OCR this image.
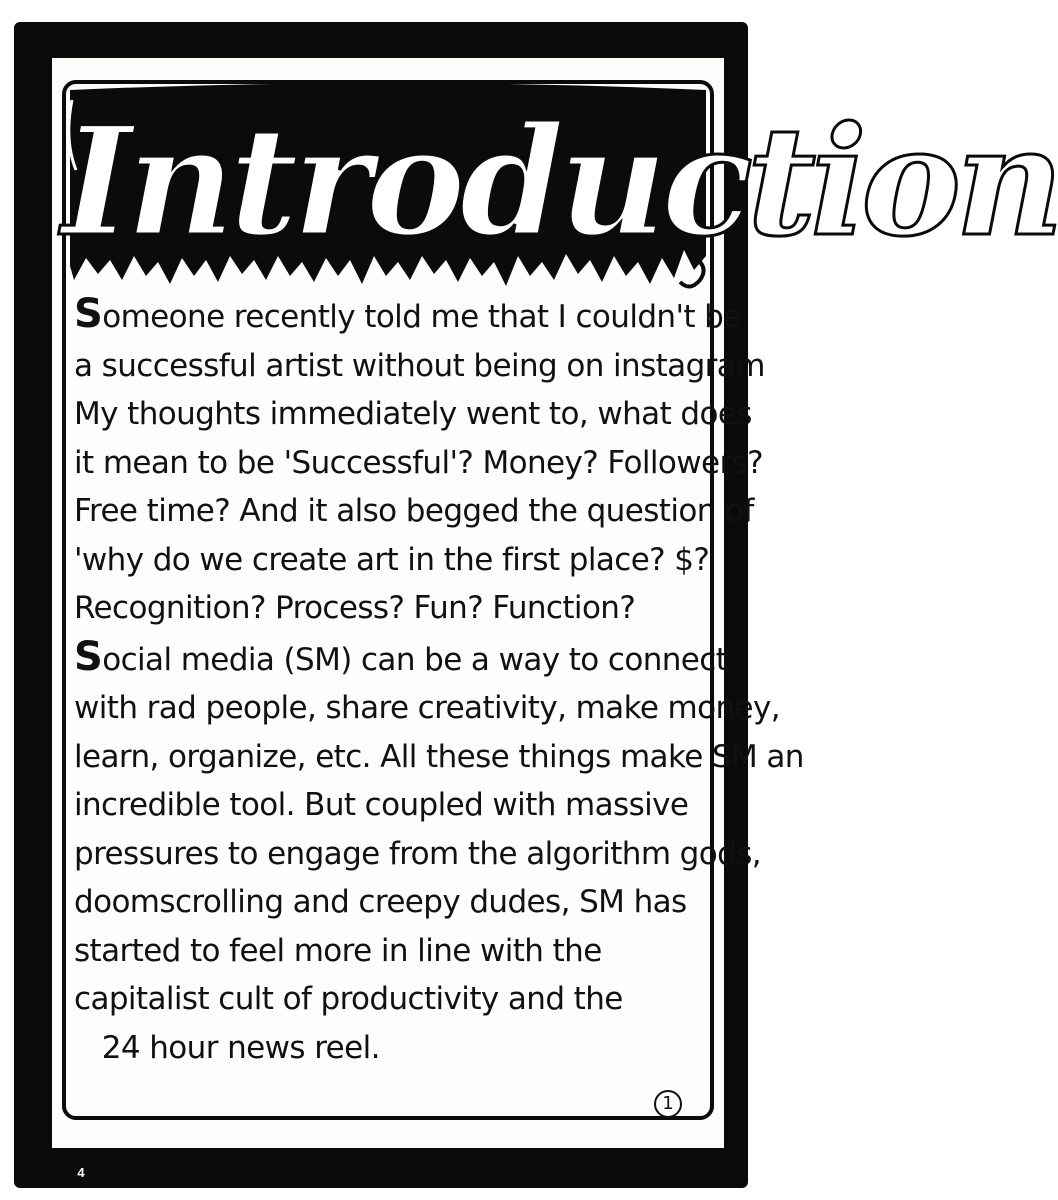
Introduction

Someone recently told me that I couldn't be
a successful artist without being on instagram
My thoughts immediately went to, what does
it mean to be 'Successful'? Money? Followers?
Free time? And it also begged the question of
'why do we create art in the first place? $?
Recognition? Process? Fun? Function?

Social media (SM) can be a way to connect
with rad people, share creativity, make money,
learn, organize, etc. All these things make SM an
incredible tool. But coupled with massive
pressures to engage from the algorithm gods,
doomscrolling and creepy dudes, SM has
started to feel more in line with the
capitalist cult of productivity and the
24 hour news reel.

1
4
